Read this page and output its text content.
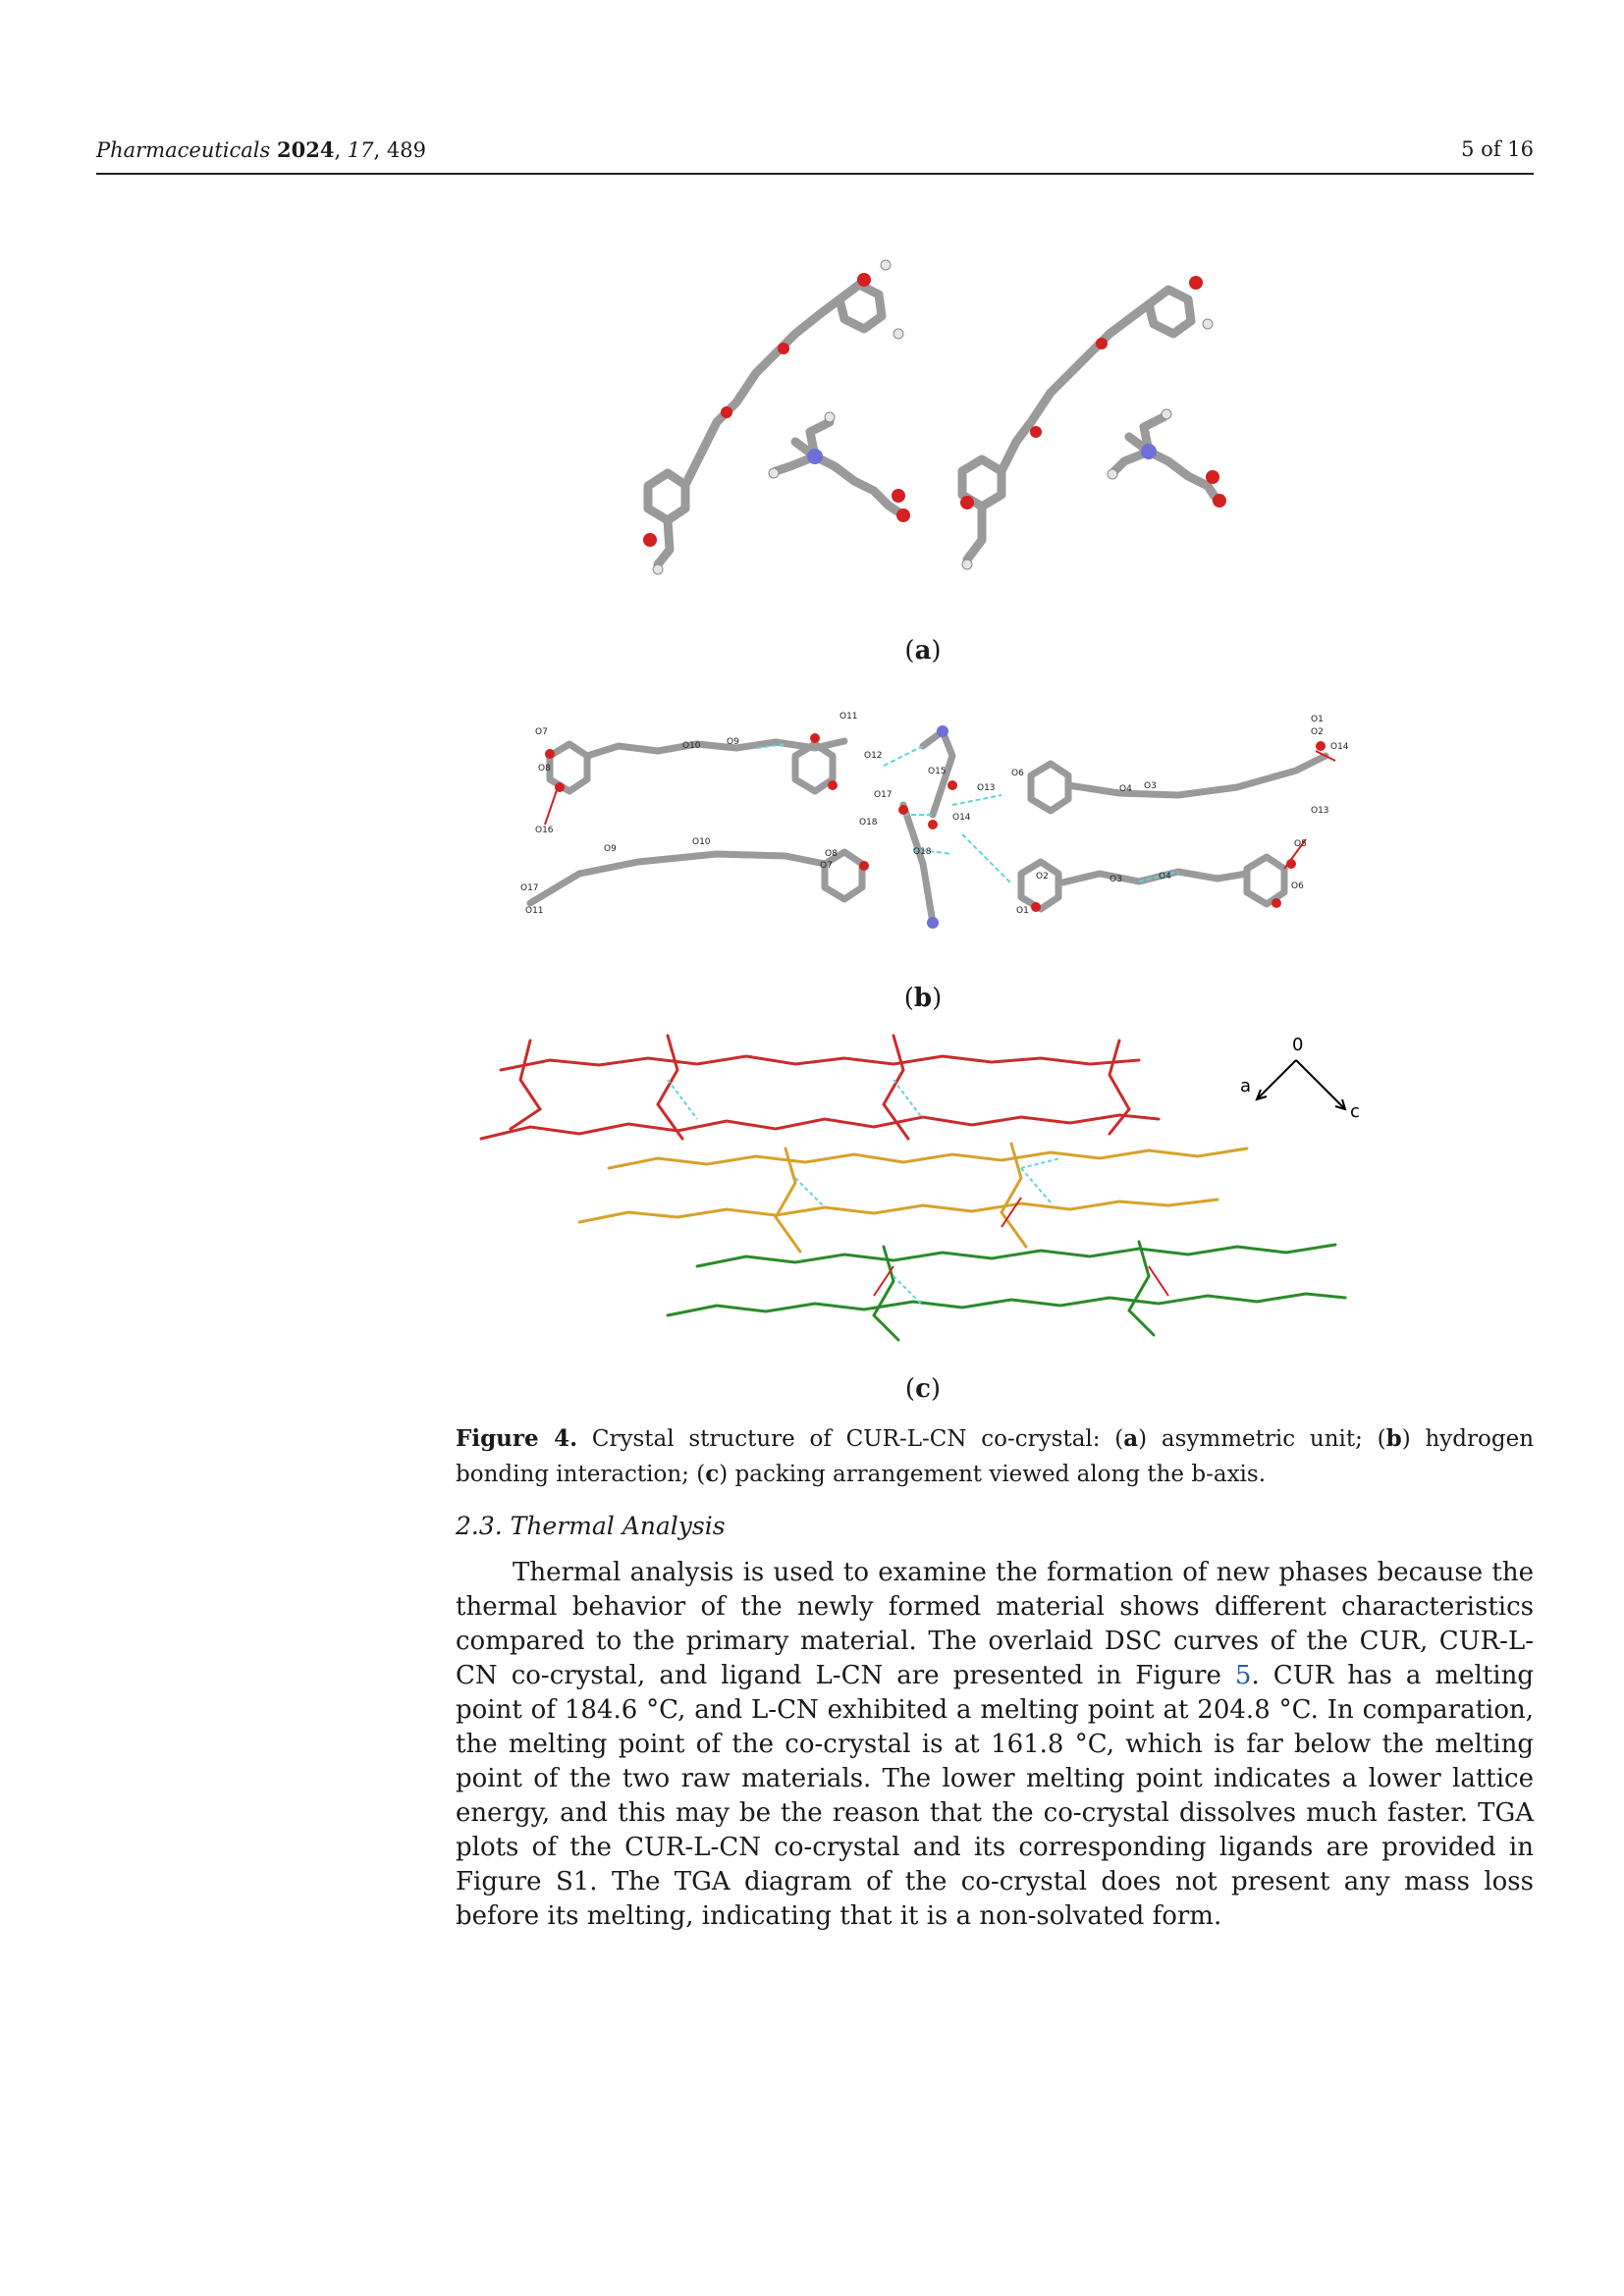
Pharmaceuticals 2024, 17, 489	5 of 16
(a)
O7
O8
O16
O10	O9
O11
O12
O15
O13
O17
O14
O18
O18
O6
O2
O1
O4 O3
O3	O4
O1
O2
O14
O13
O5
O6
O17
O11
O9
O10
O8
O7
(b)
0
a
c
(c)
Figure 4. Crystal structure of CUR-L-CN co-crystal: (a) asymmetric unit; (b) hydrogen bonding interaction; (c) packing arrangement viewed along the b-axis.
2.3. Thermal Analysis

Thermal analysis is used to examine the formation of new phases because the thermal behavior of the newly formed material shows different characteristics compared to the primary material. The overlaid DSC curves of the CUR, CUR-L-CN co-crystal, and ligand L-CN are presented in Figure 5. CUR has a melting point of 184.6 °C, and L-CN exhibited a melting point at 204.8 °C. In comparation, the melting point of the co-crystal is at 161.8 °C, which is far below the melting point of the two raw materials. The lower melting point indicates a lower lattice energy, and this may be the reason that the co-crystal dissolves much faster. TGA plots of the CUR-L-CN co-crystal and its corresponding ligands are provided in Figure S1. The TGA diagram of the co-crystal does not present any mass loss before its melting, indicating that it is a non-solvated form.
